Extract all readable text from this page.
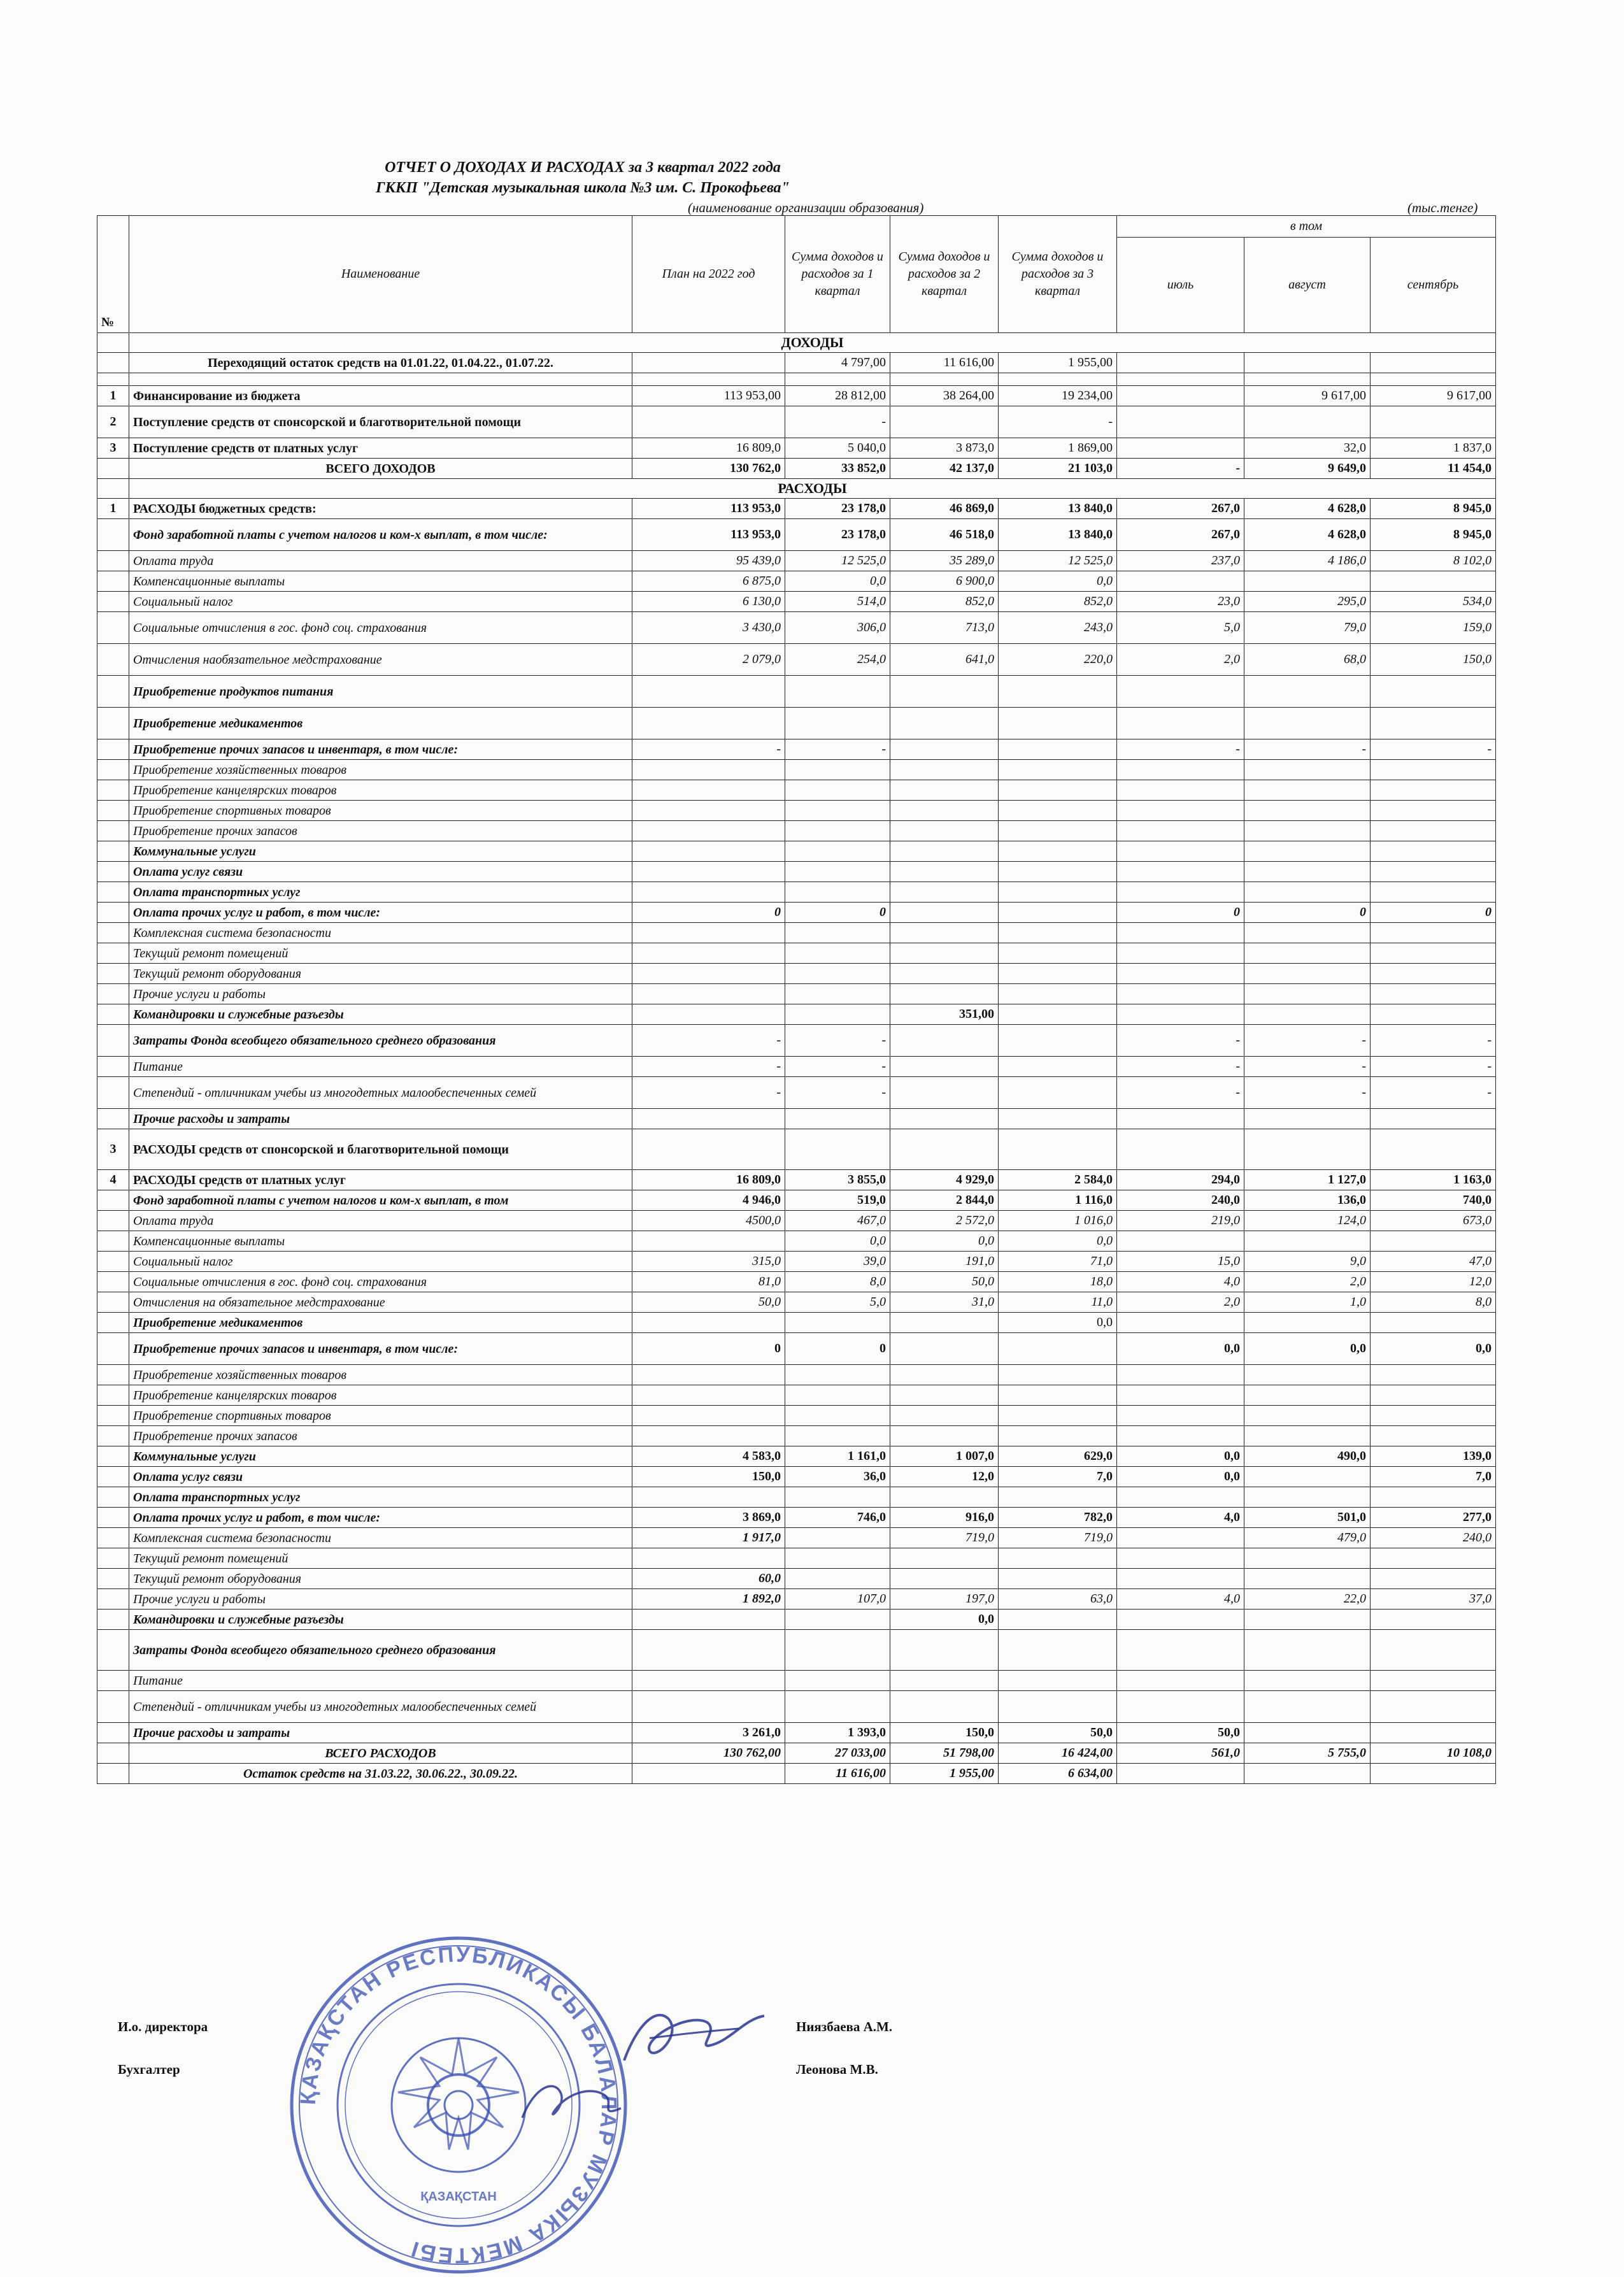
ОТЧЕТ О ДОХОДАХ И РАСХОДАХ за 3 квартал 2022 года
ГККП "Детская музыкальная школа №3 им. С. Прокофьева"
(наименование организации образования)	(тыс.тенге)
№	Наименование	План на 2022 год	Сумма доходов и расходов за 1 квартал	Сумма доходов и расходов за 2 квартал	Сумма доходов и расходов за 3 квартал	в том		
						июль	август	сентябрь
	ДОХОДЫ							
	Переходящий остаток средств на 01.01.22, 01.04.22., 01.07.22.		4 797,00	11 616,00	1 955,00			

1	Финансирование из бюджета	113 953,00	28 812,00	38 264,00	19 234,00		9 617,00	9 617,00
2	Поступление средств от спонсорской и благотворительной помощи		-		-			
3	Поступление средств от платных услуг	16 809,0	5 040,0	3 873,0	1 869,00		32,0	1 837,0
	ВСЕГО ДОХОДОВ	130 762,0	33 852,0	42 137,0	21 103,0	-	9 649,0	11 454,0
	РАСХОДЫ							
1	РАСХОДЫ бюджетных средств:	113 953,0	23 178,0	46 869,0	13 840,0	267,0	4 628,0	8 945,0
	Фонд заработной платы с учетом налогов и ком-х выплат, в том числе:	113 953,0	23 178,0	46 518,0	13 840,0	267,0	4 628,0	8 945,0
	Оплата труда	95 439,0	12 525,0	35 289,0	12 525,0	237,0	4 186,0	8 102,0
	Компенсационные выплаты	6 875,0	0,0	6 900,0	0,0			
	Социальный налог	6 130,0	514,0	852,0	852,0	23,0	295,0	534,0
	Социальные отчисления в гос. фонд соц. страхования	3 430,0	306,0	713,0	243,0	5,0	79,0	159,0
	Отчисления наобязательное медстрахование	2 079,0	254,0	641,0	220,0	2,0	68,0	150,0
	Приобретение продуктов питания							
	Приобретение медикаментов							
	Приобретение прочих запасов и инвентаря, в том числе:	-	-			-	-	-
	Приобретение хозяйственных товаров							
	Приобретение канцелярских товаров							
	Приобретение спортивных товаров							
	Приобретение прочих запасов							
	Коммунальные услуги							
	Оплата услуг связи							
	Оплата транспортных услуг							
	Оплата прочих услуг и работ, в том числе:	0	0			0	0	0
	Комплексная система безопасности							
	Текущий ремонт помещений							
	Текущий ремонт оборудования							
	Прочие услуги и работы							
	Командировки и служебные разъезды			351,00				
	Затраты Фонда всеобщего обязательного среднего образования	-	-			-	-	-
	Питание	-	-			-	-	-
	Степендий - отличникам учебы из многодетных малообеспеченных семей	-	-			-	-	-
	Прочие расходы и затраты							
3	РАСХОДЫ средств от спонсорской и благотворительной помощи							
4	РАСХОДЫ средств от платных услуг	16 809,0	3 855,0	4 929,0	2 584,0	294,0	1 127,0	1 163,0
	Фонд заработной платы с учетом налогов и ком-х выплат, в том	4 946,0	519,0	2 844,0	1 116,0	240,0	136,0	740,0
	Оплата труда	4500,0	467,0	2 572,0	1 016,0	219,0	124,0	673,0
	Компенсационные выплаты		0,0	0,0	0,0			
	Социальный налог	315,0	39,0	191,0	71,0	15,0	9,0	47,0
	Социальные отчисления в гос. фонд соц. страхования	81,0	8,0	50,0	18,0	4,0	2,0	12,0
	Отчисления на обязательное медстрахование	50,0	5,0	31,0	11,0	2,0	1,0	8,0
	Приобретение медикаментов				0,0			
	Приобретение прочих запасов и инвентаря, в том числе:	0	0			0,0	0,0	0,0
	Приобретение хозяйственных товаров							
	Приобретение канцелярских товаров							
	Приобретение спортивных товаров							
	Приобретение прочих запасов							
	Коммунальные услуги	4 583,0	1 161,0	1 007,0	629,0	0,0	490,0	139,0
	Оплата услуг связи	150,0	36,0	12,0	7,0	0,0		7,0
	Оплата транспортных услуг							
	Оплата прочих услуг и работ, в том числе:	3 869,0	746,0	916,0	782,0	4,0	501,0	277,0
	Комплексная система безопасности	1 917,0		719,0	719,0		479,0	240,0
	Текущий ремонт помещений							
	Текущий ремонт оборудования	60,0						
	Прочие услуги и работы	1 892,0	107,0	197,0	63,0	4,0	22,0	37,0
	Командировки и служебные разъезды			0,0				
	Затраты Фонда всеобщего обязательного среднего образования							
	Питание							
	Степендий - отличникам учебы из многодетных малообеспеченных семей							
	Прочие расходы и затраты	3 261,0	1 393,0	150,0	50,0	50,0		
	ВСЕГО РАСХОДОВ	130 762,00	27 033,00	51 798,00	16 424,00	561,0	5 755,0	10 108,0
	Остаток средств на 31.03.22, 30.06.22., 30.09.22.		11 616,00	1 955,00	6 634,00			
ҚАЗАҚСТАН РЕСПУБЛИКАСЫ БАЛАЛАР МУЗЫКА МЕКТЕБІ
ҚАЗАҚСТАН
И.о. директора	Ниязбаева А.М.
Бухгалтер	Леонова М.В.
